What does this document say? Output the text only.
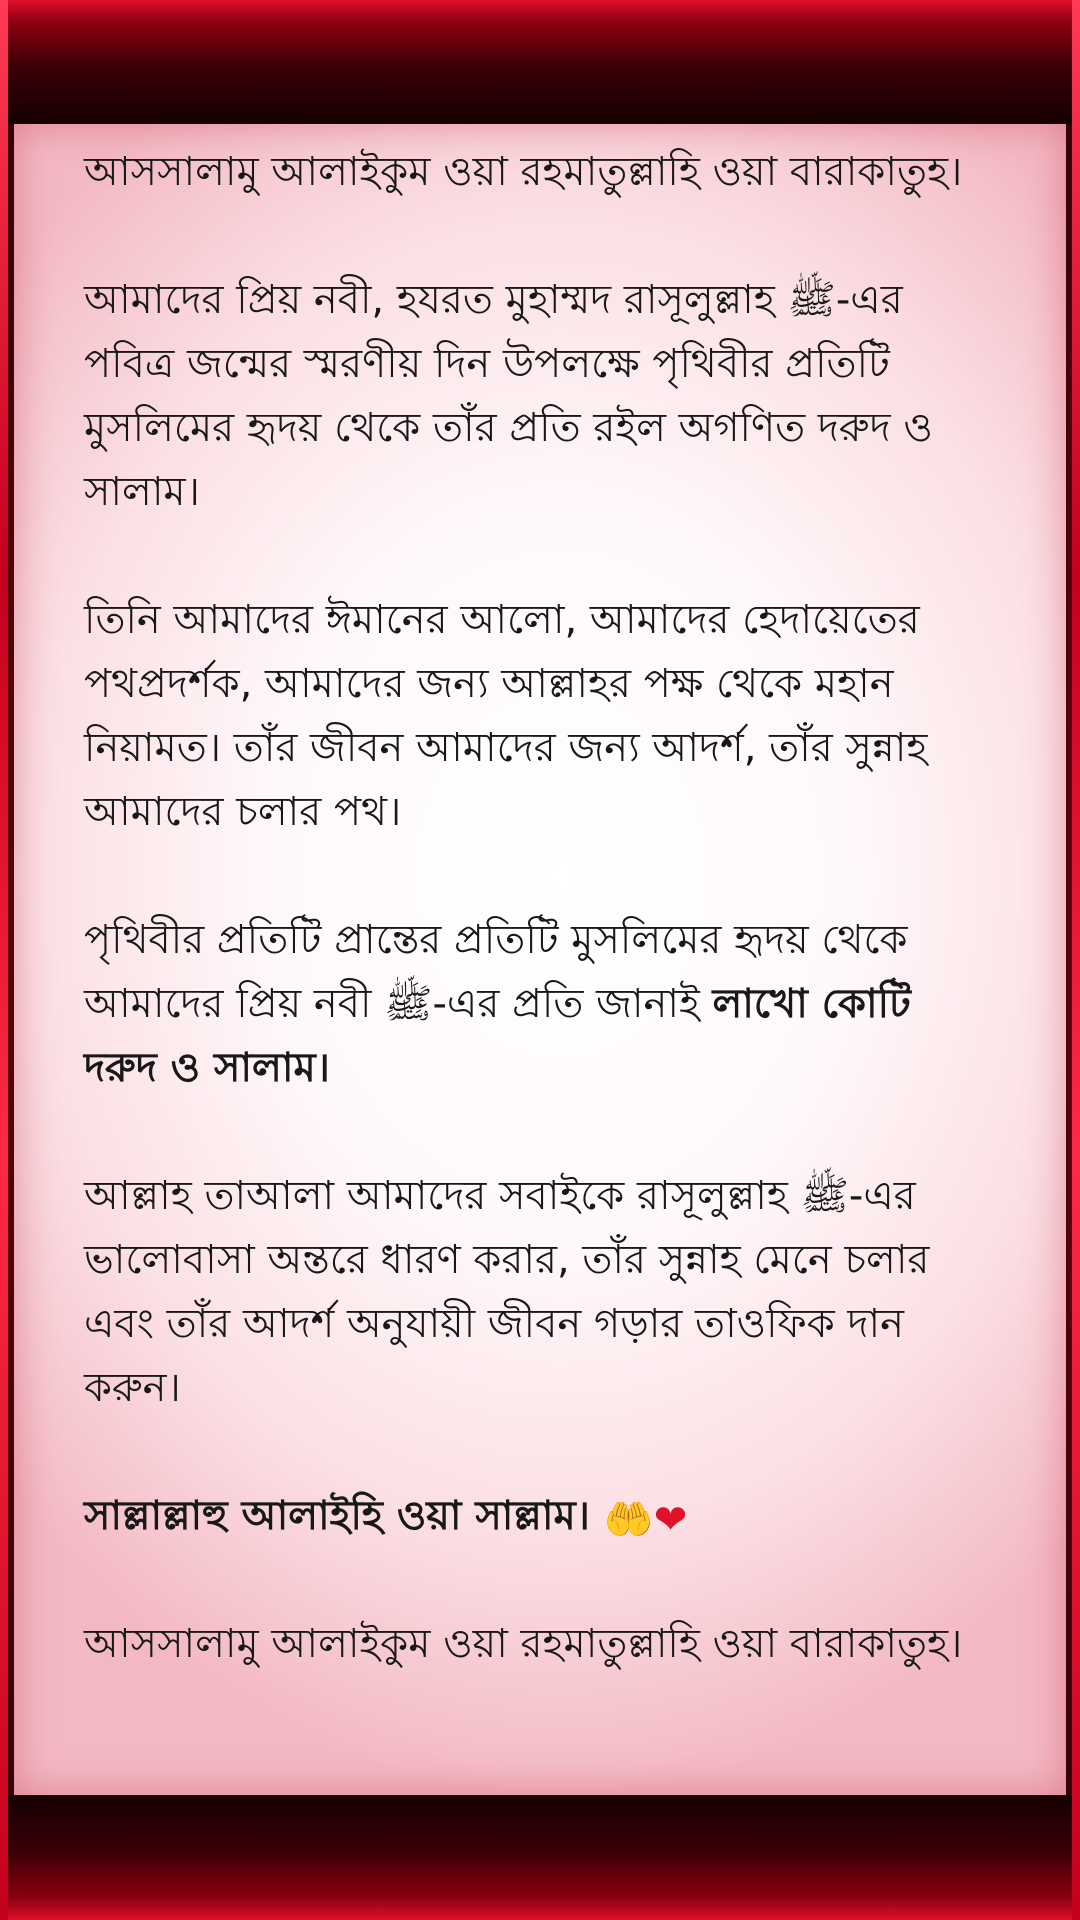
আসসালামু আলাইকুম ওয়া রহমাতুল্লাহি ওয়া বারাকাতুহ।

আমাদের প্রিয় নবী, হযরত মুহাম্মদ রাসূলুল্লাহ ﷺ-এর পবিত্র জন্মের স্মরণীয় দিন উপলক্ষে পৃথিবীর প্রতিটি মুসলিমের হৃদয় থেকে তাঁর প্রতি রইল অগণিত দরুদ ও সালাম।

তিনি আমাদের ঈমানের আলো, আমাদের হেদায়েতের পথপ্রদর্শক, আমাদের জন্য আল্লাহর পক্ষ থেকে মহান নিয়ামত। তাঁর জীবন আমাদের জন্য আদর্শ, তাঁর সুন্নাহ আমাদের চলার পথ।

পৃথিবীর প্রতিটি প্রান্তের প্রতিটি মুসলিমের হৃদয় থেকে আমাদের প্রিয় নবী ﷺ-এর প্রতি জানাই লাখো কোটি দরুদ ও সালাম।

আল্লাহ তাআলা আমাদের সবাইকে রাসূলুল্লাহ ﷺ-এর ভালোবাসা অন্তরে ধারণ করার, তাঁর সুন্নাহ মেনে চলার এবং তাঁর আদর্শ অনুযায়ী জীবন গড়ার তাওফিক দান করুন।

সাল্লাল্লাহু আলাইহি ওয়া সাল্লাম। 🤲❤

আসসালামু আলাইকুম ওয়া রহমাতুল্লাহি ওয়া বারাকাতুহ।
